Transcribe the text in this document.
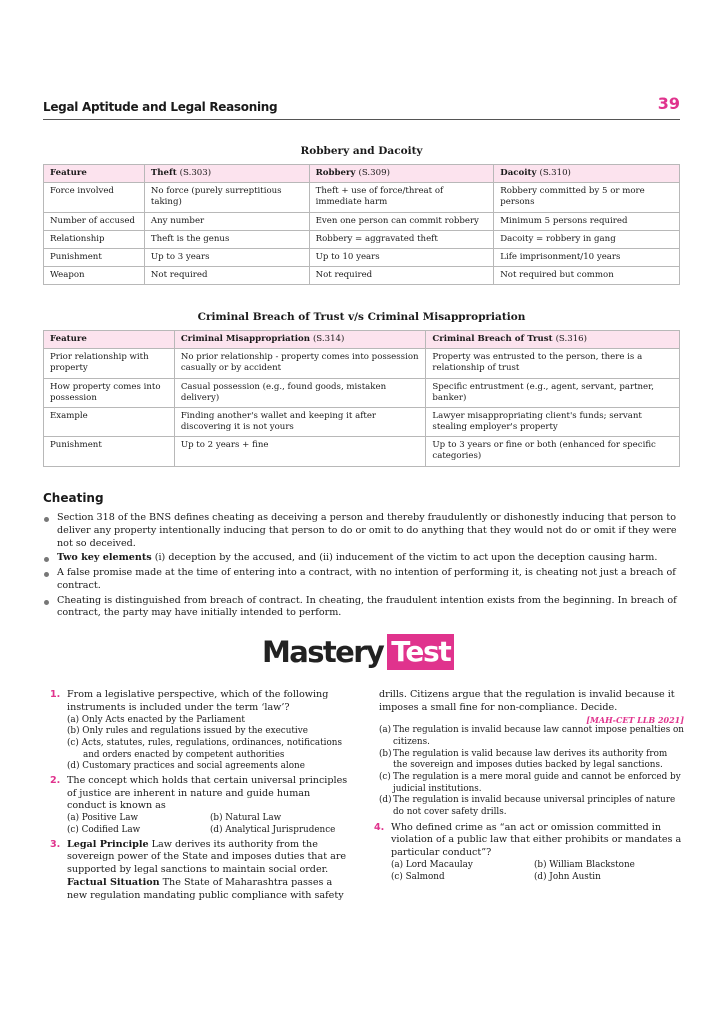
Legal Aptitude and Legal Reasoning	39
Robbery and Dacoity
Feature	Theft (S.303)	Robbery (S.309)	Dacoity (S.310)
Force involved	No force (purely surreptitious taking)	Theft + use of force/threat of immediate harm	Robbery committed by 5 or more persons
Number of accused	Any number	Even one person can commit robbery	Minimum 5 persons required
Relationship	Theft is the genus	Robbery = aggravated theft	Dacoity = robbery in gang
Punishment	Up to 3 years	Up to 10 years	Life imprisonment/10 years
Weapon	Not required	Not required	Not required but common
Criminal Breach of Trust v/s Criminal Misappropriation
Feature	Criminal Misappropriation (S.314)	Criminal Breach of Trust (S.316)
Prior relationship with property	No prior relationship - property comes into possession casually or by accident	Property was entrusted to the person, there is a relationship of trust
How property comes into possession	Casual possession (e.g., found goods, mistaken delivery)	Specific entrustment (e.g., agent, servant, partner, banker)
Example	Finding another's wallet and keeping it after discovering it is not yours	Lawyer misappropriating client's funds; servant stealing employer's property
Punishment	Up to 2 years + fine	Up to 3 years or fine or both (enhanced for specific categories)
Cheating
Section 318 of the BNS defines cheating as deceiving a person and thereby fraudulently or dishonestly inducing that person to deliver any property intentionally inducing that person to do or omit to do anything that they would not do or omit if they were not so deceived.
Two key elements (i) deception by the accused, and (ii) inducement of the victim to act upon the deception causing harm.
A false promise made at the time of entering into a contract, with no intention of performing it, is cheating not just a breach of contract.
Cheating is distinguished from breach of contract. In cheating, the fraudulent intention exists from the beginning. In breach of contract, the party may have initially intended to perform.
Mastery Test
1. From a legislative perspective, which of the following instruments is included under the term ‘law’?
(a) Only Acts enacted by the Parliament
(b) Only rules and regulations issued by the executive
(c) Acts, statutes, rules, regulations, ordinances, notifications and orders enacted by competent authorities
(d) Customary practices and social agreements alone
2. The concept which holds that certain universal principles of justice are inherent in nature and guide human conduct is known as
(a) Positive Law	(b) Natural Law
(c) Codified Law	(d) Analytical Jurisprudence
3. Legal Principle Law derives its authority from the sovereign power of the State and imposes duties that are supported by legal sanctions to maintain social order. Factual Situation The State of Maharashtra passes a new regulation mandating public compliance with safety
drills. Citizens argue that the regulation is invalid because it imposes a small fine for non-compliance. Decide.
[MAH-CET LLB 2021]
(a) The regulation is invalid because law cannot impose penalties on citizens.
(b) The regulation is valid because law derives its authority from the sovereign and imposes duties backed by legal sanctions.
(c) The regulation is a mere moral guide and cannot be enforced by judicial institutions.
(d) The regulation is invalid because universal principles of nature do not cover safety drills.
4. Who defined crime as “an act or omission committed in violation of a public law that either prohibits or mandates a particular conduct”?
(a) Lord Macaulay	(b) William Blackstone
(c) Salmond	(d) John Austin
